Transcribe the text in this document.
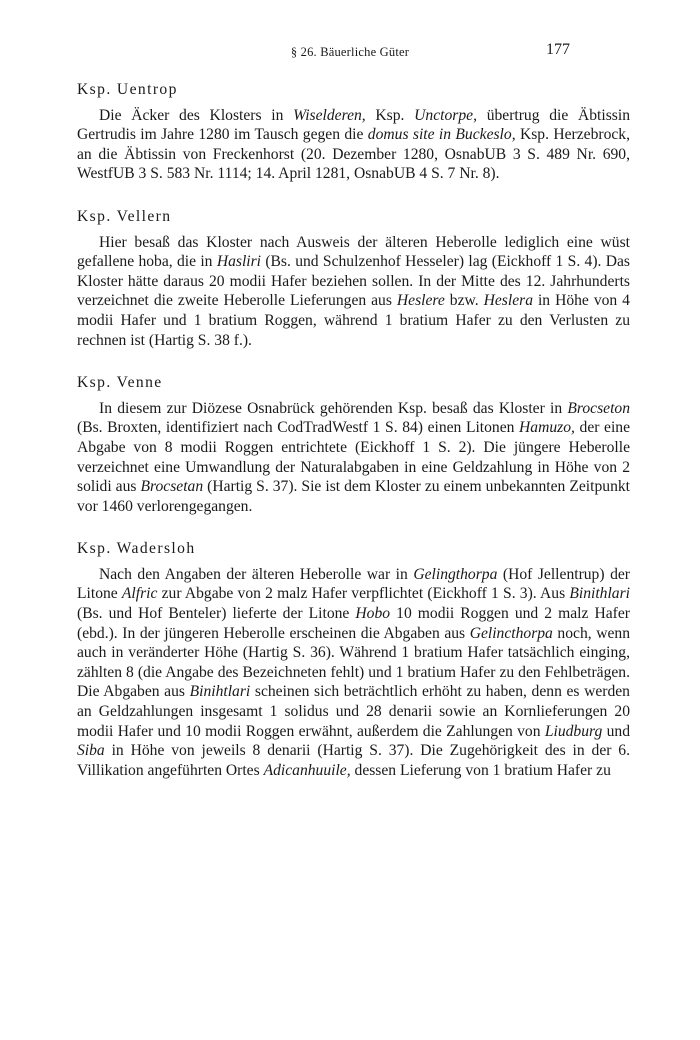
§ 26. Bäuerliche Güter	177
Ksp. Uentrop

Die Äcker des Klosters in Wiselderen, Ksp. Unctorpe, übertrug die Äbtissin Gertrudis im Jahre 1280 im Tausch gegen die domus site in Buckeslo, Ksp. Herzebrock, an die Äbtissin von Freckenhorst (20. Dezember 1280, OsnabUB 3 S. 489 Nr. 690, WestfUB 3 S. 583 Nr. 1114; 14. April 1281, OsnabUB 4 S. 7 Nr. 8).

Ksp. Vellern

Hier besaß das Kloster nach Ausweis der älteren Heberolle lediglich eine wüst gefallene hoba, die in Hasliri (Bs. und Schulzenhof Hesseler) lag (Eickhoff 1 S. 4). Das Kloster hätte daraus 20 modii Hafer beziehen sollen. In der Mitte des 12. Jahrhunderts verzeichnet die zweite Heberolle Lieferungen aus Heslere bzw. Heslera in Höhe von 4 modii Hafer und 1 bratium Roggen, während 1 bratium Hafer zu den Verlusten zu rechnen ist (Hartig S. 38 f.).

Ksp. Venne

In diesem zur Diözese Osnabrück gehörenden Ksp. besaß das Kloster in Brocseton (Bs. Broxten, identifiziert nach CodTradWestf 1 S. 84) einen Litonen Hamuzo, der eine Abgabe von 8 modii Roggen entrichtete (Eickhoff 1 S. 2). Die jüngere Heberolle verzeichnet eine Umwandlung der Naturalabgaben in eine Geldzahlung in Höhe von 2 solidi aus Brocsetan (Hartig S. 37). Sie ist dem Kloster zu einem unbekannten Zeitpunkt vor 1460 verlorengegangen.

Ksp. Wadersloh

Nach den Angaben der älteren Heberolle war in Gelingthorpa (Hof Jellentrup) der Litone Alfric zur Abgabe von 2 malz Hafer verpflichtet (Eickhoff 1 S. 3). Aus Binithlari (Bs. und Hof Benteler) lieferte der Litone Hobo 10 modii Roggen und 2 malz Hafer (ebd.). In der jüngeren Heberolle erscheinen die Abgaben aus Gelincthorpa noch, wenn auch in veränderter Höhe (Hartig S. 36). Während 1 bratium Hafer tatsächlich einging, zählten 8 (die Angabe des Bezeichneten fehlt) und 1 bratium Hafer zu den Fehlbeträgen. Die Abgaben aus Binihtlari scheinen sich beträchtlich erhöht zu haben, denn es werden an Geldzahlungen insgesamt 1 solidus und 28 denarii sowie an Kornlieferungen 20 modii Hafer und 10 modii Roggen erwähnt, außerdem die Zahlungen von Liudburg und Siba in Höhe von jeweils 8 denarii (Hartig S. 37). Die Zugehörigkeit des in der 6. Villikation angeführten Ortes Adicanhuuile, dessen Lieferung von 1 bratium Hafer zu
